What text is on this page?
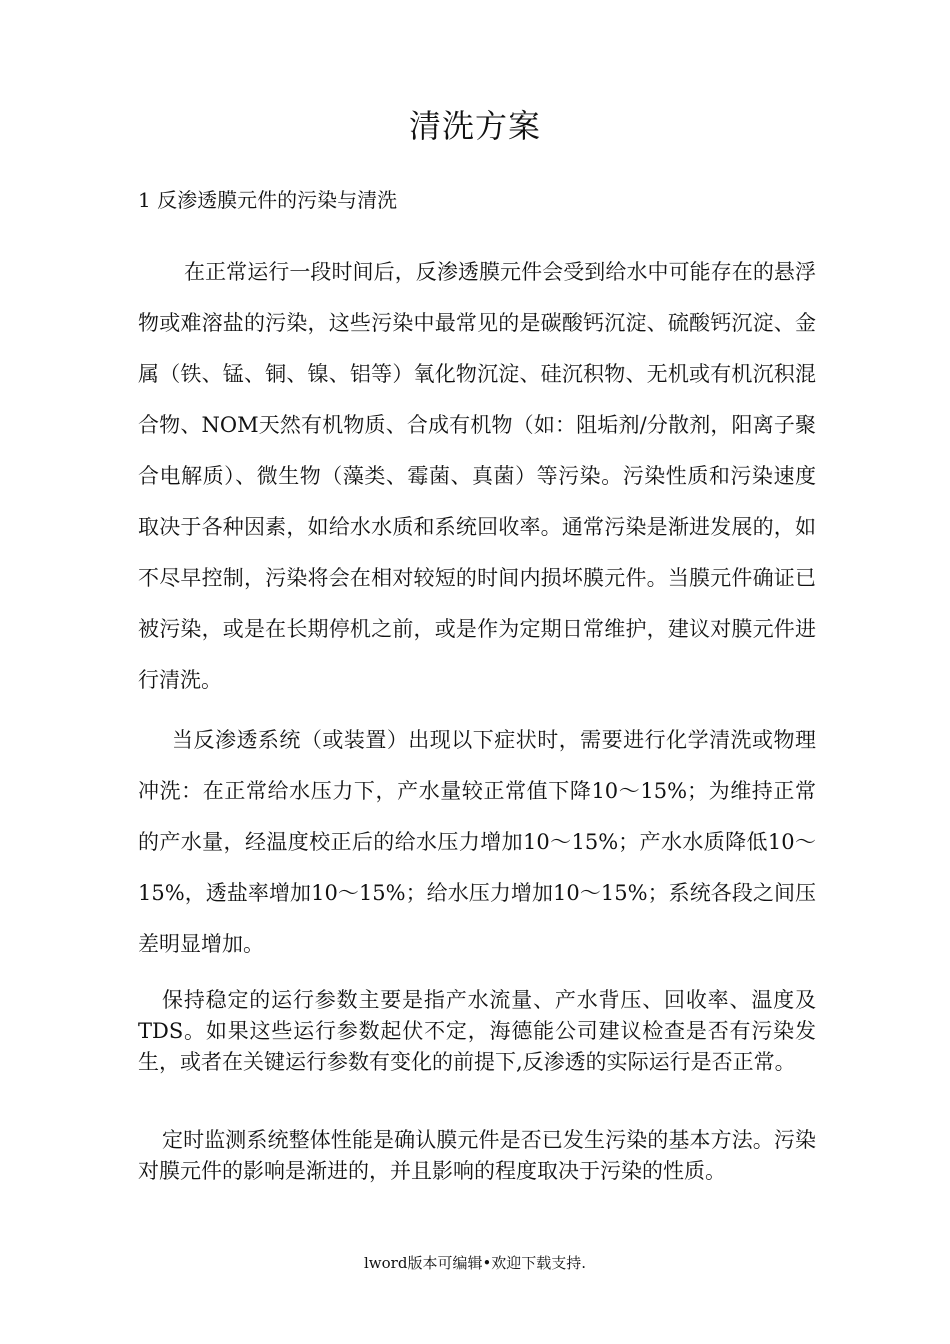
清洗方案
1 反渗透膜元件的污染与清洗

在正常运行一段时间后，反渗透膜元件会受到给水中可能存在的悬浮物或难溶盐的污染，这些污染中最常见的是碳酸钙沉淀、硫酸钙沉淀、金属（铁、锰、铜、镍、铝等）氧化物沉淀、硅沉积物、无机或有机沉积混合物、NOM天然有机物质、合成有机物（如：阻垢剂/分散剂，阳离子聚合电解质）、微生物（藻类、霉菌、真菌）等污染。污染性质和污染速度取决于各种因素，如给水水质和系统回收率。通常污染是渐进发展的，如不尽早控制，污染将会在相对较短的时间内损坏膜元件。当膜元件确证已被污染，或是在长期停机之前，或是作为定期日常维护，建议对膜元件进行清洗。

当反渗透系统（或装置）出现以下症状时，需要进行化学清洗或物理冲洗：在正常给水压力下，产水量较正常值下降10～15%；为维持正常的产水量，经温度校正后的给水压力增加10～15%；产水水质降低10～15%，透盐率增加10～15%；给水压力增加10～15%；系统各段之间压差明显增加。

保持稳定的运行参数主要是指产水流量、产水背压、回收率、温度及TDS。如果这些运行参数起伏不定，海德能公司建议检查是否有污染发生，或者在关键运行参数有变化的前提下,反渗透的实际运行是否正常。

定时监测系统整体性能是确认膜元件是否已发生污染的基本方法。污染对膜元件的影响是渐进的，并且影响的程度取决于污染的性质。

lword版本可编辑•欢迎下载支持.
